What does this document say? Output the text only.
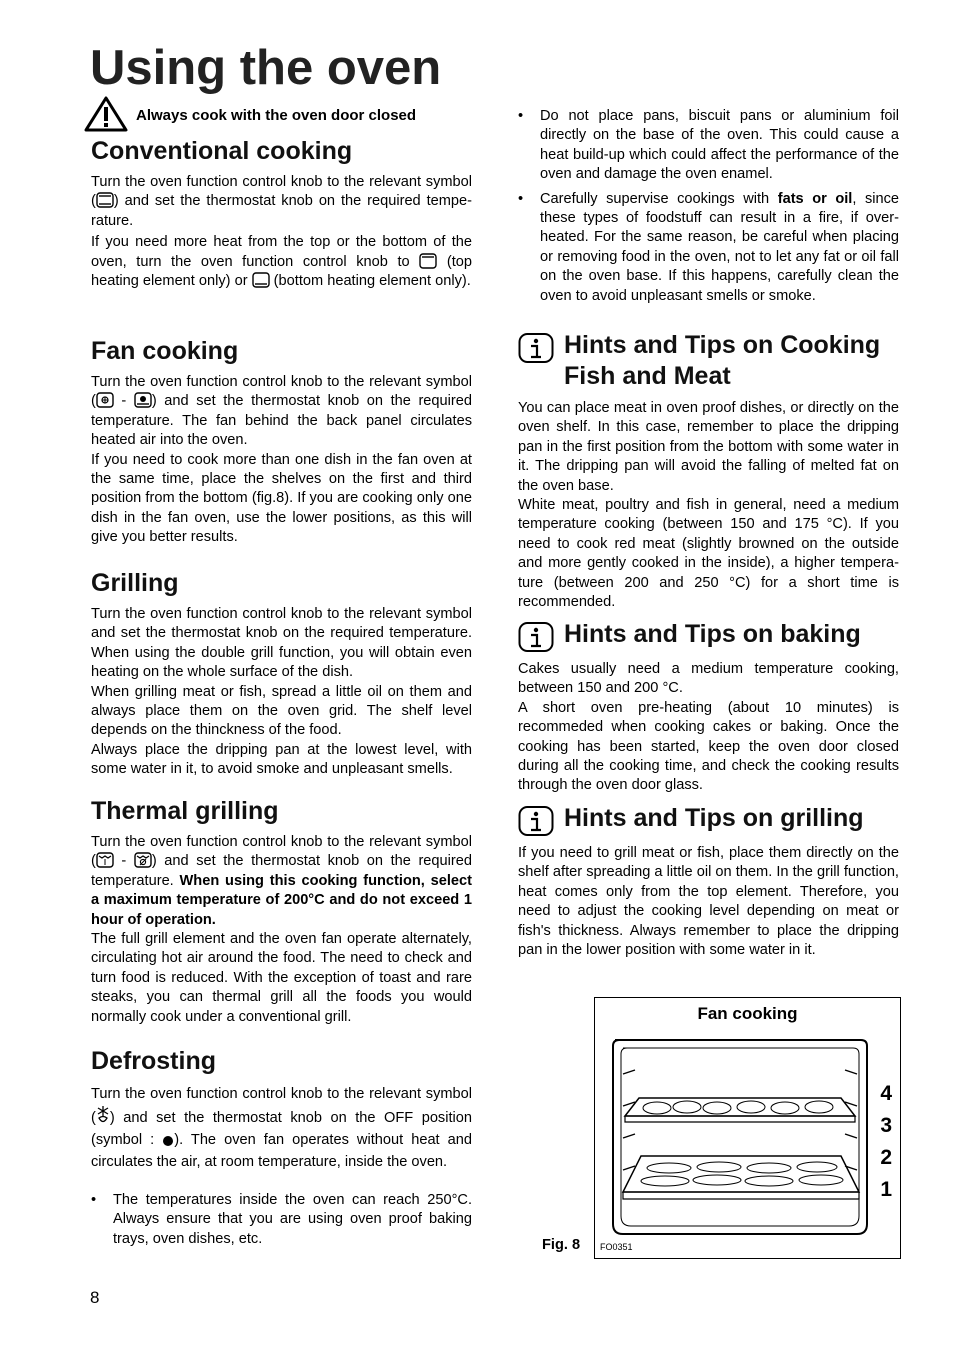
Using the oven
Always cook with the oven door closed
Conventional cooking

Turn the oven function control knob to the relevant symbol ( ) and set the thermostat knob on the required tempe-rature.

If you need more heat from the top or the bottom of the oven, turn the oven function control knob to  (top heating element only) or  (bottom heating element only).

Fan cooking

Turn the oven function control knob to the relevant symbol ( - ) and set the thermostat knob on the required temperature. The fan behind the back panel circulates heated air into the oven.

If you need to cook more than one dish in the fan oven at the same time, place the shelves on the first and third position from the bottom (fig.8). If you are cooking only one dish in the fan oven, use the lower positions, as this will give you better results.

Grilling

Turn the oven function control knob to the relevant symbol and set the thermostat knob on the required temperature. When using the double grill function, you will obtain even heating on the whole surface of the dish.

When grilling meat or fish, spread a little oil on them and always place them on the oven grid. The shelf level depends on the thinckness of the food.

Always place the dripping pan at the lowest level, with some water in it, to avoid smoke and unpleasant smells.

Thermal grilling

Turn the oven function control knob to the relevant symbol ( - ) and set the thermostat knob on the required temperature. When using this cooking function, select a maximum temperature of 200°C and do not exceed 1 hour of operation.

The full grill element and the oven fan operate alternately, circulating hot air around the food. The need to check and turn food is reduced. With the exception of toast and rare steaks, you can thermal grill all the foods you would normally cook under a conventional grill.

Defrosting

Turn the oven function control knob to the relevant symbol ( ) and set the thermostat knob on the OFF position (symbol : ). The oven fan operates without heat and circulates the air, at room temperature, inside the oven.

• The temperatures inside the oven can reach 250°C. Always ensure that you are using oven proof baking trays, oven dishes, etc.
• Do not place pans, biscuit pans or aluminium foil directly on the base of the oven. This could cause a heat build-up which could affect the performance of the oven and damage the oven enamel.
• Carefully supervise cookings with fats or oil, since these types of foodstuff can result in a fire, if over-heated. For the same reason, be careful when placing or removing food in the oven, not to let any fat or oil fall on the oven base. If this happens, carefully clean the oven to avoid unpleasant smells or smoke.
Hints and Tips on Cooking Fish and Meat

You can place meat in oven proof dishes, or directly on the oven shelf. In this case, remember to place the dripping pan in the first position from the bottom with some water in it. The dripping pan will avoid the falling of melted fat on the oven base.

White meat, poultry and fish in general, need a medium temperature cooking (between 150 and 175 °C). If you need to cook red meat (slightly browned on the outside and more gently cooked in the inside), a higher tempera-ture (between 200 and 250 °C) for a short time is recommended.

Hints and Tips on baking

Cakes usually need a medium temperature cooking, between 150 and 200 °C.

A short oven pre-heating (about 10 minutes) is recommeded when cooking cakes or baking. Once the cooking has been started, keep the oven door closed during all the cooking time, and check the cooking results through the oven door glass.

Hints and Tips on grilling

If you need to grill meat or fish, place them directly on the shelf after spreading a little oil on them. In the grill function, heat comes only from the top element. Therefore, you need to adjust the cooking level depending on meat or fish's thickness. Always remember to place the dripping pan in the lower position with some water in it.

Fan cooking
4
3
2
1
FO0351
Fig. 8
8
